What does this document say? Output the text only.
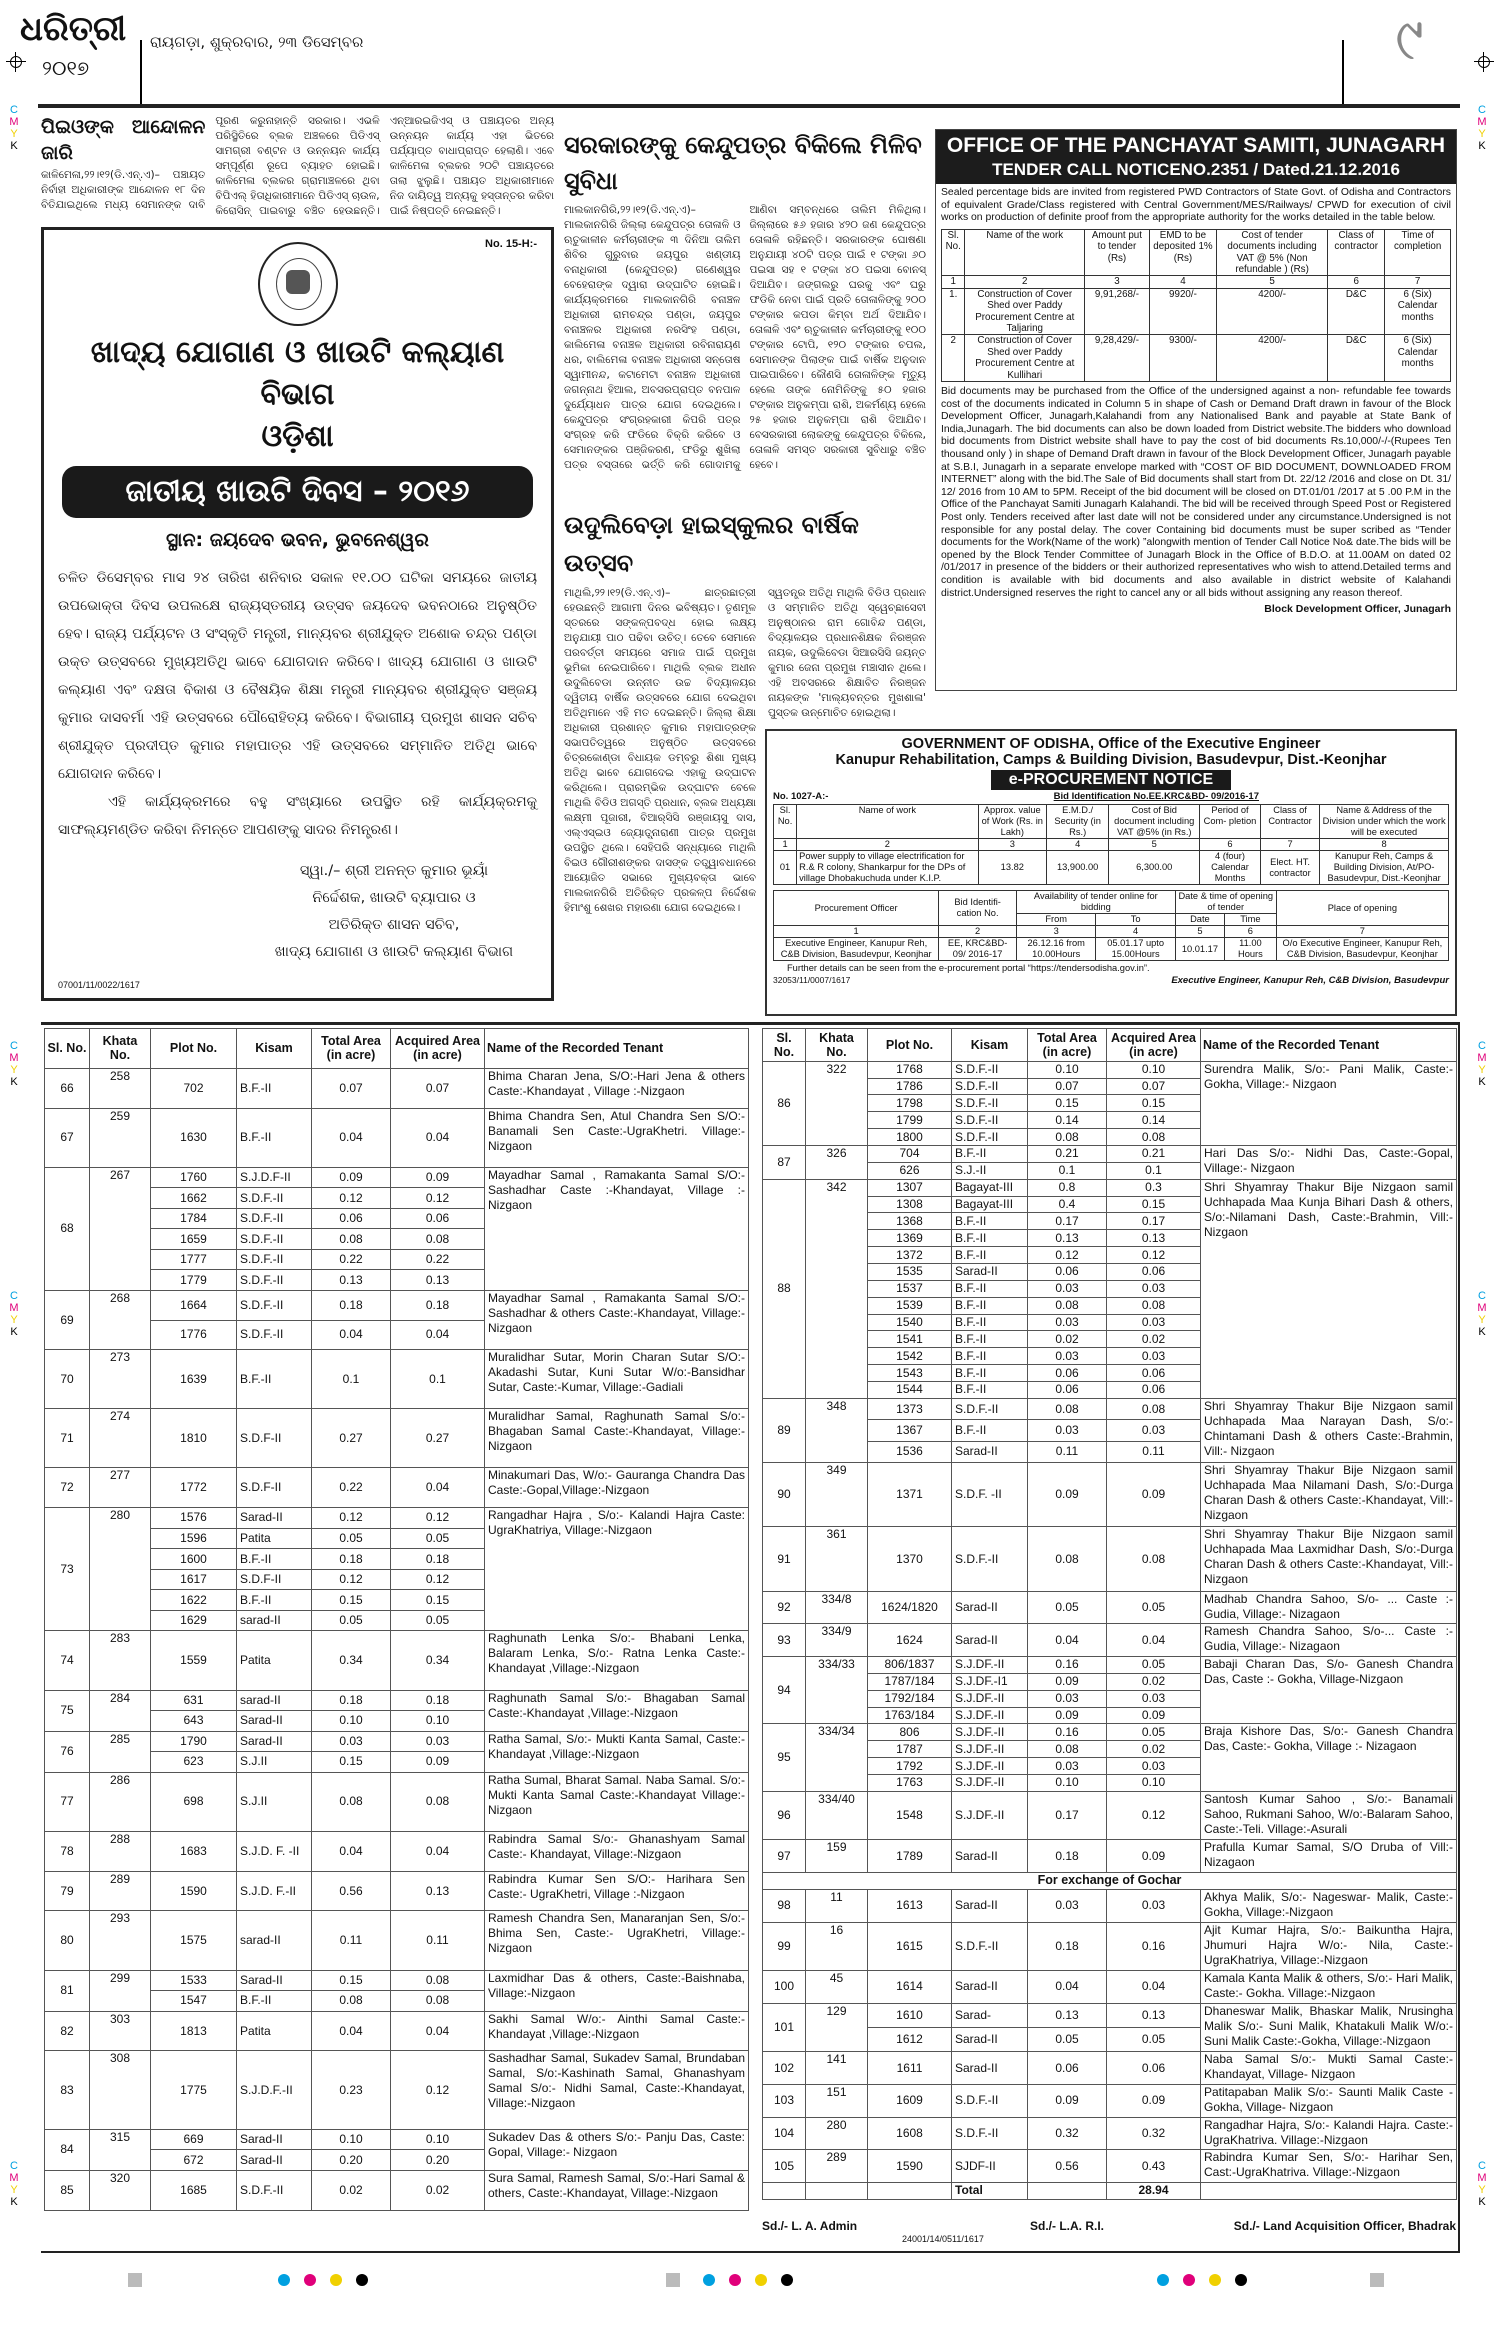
C
M
Y
K
C
M
Y
K
C
M
Y
K
C
M
Y
K
C
M
Y
K
C
M
Y
K
C
M
Y
K
C
M
Y
K
ଧରିତ୍ରୀ
୨୦୧୭
ରାୟଗଡ଼ା, ଶୁକ୍ରବାର, ୨୩ ଡିସେମ୍ବର	୯
ପିଇଓଙ୍କ ଆନ୍ଦୋଳନ ଜାରି
କାଳିମେଳା,୨୨।୧୨(ଡି.ଏନ୍.ଏ)– ପଞ୍ଚାୟତ ନିର୍ବାହୀ ଅଧିକାରୀଙ୍କ ଆନ୍ଦୋଳନ ୧୮ ଦିନ ବିତିଯାଇଥିଲେ ମଧ୍ୟ ସେମାନଙ୍କ ଦାବି ପୂରଣ କରୁନାହାନ୍ତି ସରକାର। ଏଭଳି ପରିସ୍ଥିତିରେ ବ୍ଲକ ଅଞ୍ଚଳରେ ପିଡିଏସ୍ ସାମଗ୍ରୀ ବଣ୍ଟନ ଓ ଉନ୍ନୟନ କାର୍ଯ୍ୟ ସମ୍ପୂର୍ଣ୍ଣ ରୂପେ ବ୍ୟାହତ ହୋଇଛି। କାଳିମେଳା ବ୍ଲକର ଗ୍ରାମାଞ୍ଚଳରେ ଥିବା ବିପିଏଲ୍ ହିତାଧିକାରୀମାନେ ପିଡିଏସ୍ ଚାଉଳ, କିରୋସିନ୍ ପାଇବାରୁ ବଞ୍ଚିତ ହେଉଛନ୍ତି। ଏନ୍ଆରଇଜିଏସ୍ ଓ ପଞ୍ଚାୟତର ଅନ୍ୟ ଉନ୍ନୟନ କାର୍ଯ୍ୟ ଏହା ଭିତରେ ପର୍ଯ୍ୟାପ୍ତ ବାଧାପ୍ରାପ୍ତ ହେଲାଣି। ଏବେ କାଳିମେଳା ବ୍ଲକର ୨୦ଟି ପଞ୍ଚାୟତରେ ତାଲା ଝୁଲୁଛି। ପଞ୍ଚାୟତ ଅଧିକାରୀମାନେ ନିଜ ଦାୟିତ୍ୱ ଅନ୍ୟକୁ ହସ୍ତାନ୍ତର କରିବା ପାଇଁ ନିଷ୍ପତ୍ତି ନେଇଛନ୍ତି।
No. 15-H:-
ଖାଦ୍ୟ ଯୋଗାଣ ଓ ଖାଉଟି କଲ୍ୟାଣ ବିଭାଗ
ଓଡ଼ିଶା
ଜାତୀୟ ଖାଉଟି ଦିବସ – ୨୦୧୬
ସ୍ଥାନ: ଜୟଦେବ ଭବନ, ଭୁବନେଶ୍ୱର

ଚଳିତ ଡିସେମ୍ବର ମାସ ୨୪ ତାରିଖ ଶନିବାର ସକାଳ ୧୧.୦୦ ଘଟିକା ସମୟରେ ଜାତୀୟ ଉପଭୋକ୍ତା ଦିବସ ଉପଲକ୍ଷେ ରାଜ୍ୟସ୍ତରୀୟ ଉତ୍ସବ ଜୟଦେବ ଭବନଠାରେ ଅନୁଷ୍ଠିତ ହେବ। ରାଜ୍ୟ ପର୍ଯ୍ୟଟନ ଓ ସଂସ୍କୃତି ମନ୍ତ୍ରୀ, ମାନ୍ୟବର ଶ୍ରୀଯୁକ୍ତ ଅଶୋକ ଚନ୍ଦ୍ର ପଣ୍ଡା ଉକ୍ତ ଉତ୍ସବରେ ମୁଖ୍ୟଅତିଥି ଭାବେ ଯୋଗଦାନ କରିବେ। ଖାଦ୍ୟ ଯୋଗାଣ ଓ ଖାଉଟି କଲ୍ୟାଣ ଏବଂ ଦକ୍ଷତା ବିକାଶ ଓ ବୈଷୟିକ ଶିକ୍ଷା ମନ୍ତ୍ରୀ ମାନ୍ୟବର ଶ୍ରୀଯୁକ୍ତ ସଞ୍ଜୟ କୁମାର ଦାସବର୍ମା ଏହି ଉତ୍ସବରେ ପୌରୋହିତ୍ୟ କରିବେ। ବିଭାଗୀୟ ପ୍ରମୁଖ ଶାସନ ସଚିବ ଶ୍ରୀଯୁକ୍ତ ପ୍ରଦୀପ୍ତ କୁମାର ମହାପାତ୍ର ଏହି ଉତ୍ସବରେ ସମ୍ମାନିତ ଅତିଥି ଭାବେ ଯୋଗଦାନ କରିବେ।

ଏହି କାର୍ଯ୍ୟକ୍ରମରେ ବହୁ ସଂଖ୍ୟାରେ ଉପସ୍ଥିତ ରହି କାର୍ଯ୍ୟକ୍ରମକୁ ସାଫଲ୍ୟମଣ୍ଡିତ କରିବା ନିମନ୍ତେ ଆପଣଙ୍କୁ ସାଦର ନିମନ୍ତ୍ରଣ।

ସ୍ୱା./– ଶ୍ରୀ ଅନନ୍ତ କୁମାର ଭୂୟାଁ
ନିର୍ଦ୍ଦେଶକ, ଖାଉଟି ବ୍ୟାପାର ଓ
ଅତିରିକ୍ତ ଶାସନ ସଚିବ,
ଖାଦ୍ୟ ଯୋଗାଣ ଓ ଖାଉଟି କଲ୍ୟାଣ ବିଭାଗ
07001/11/0022/1617
ସରକାରଙ୍କୁ କେନ୍ଦୁପତ୍ର ବିକିଲେ ମିଳିବ ସୁବିଧା
ମାଲକାନଗିରି,୨୨।୧୨(ଡି.ଏନ୍.ଏ)– ମାଲକାନଗିରି ଜିଲ୍ଲା କେନ୍ଦୁପତ୍ର ତୋଳାଳି ଓ ଋତୁକାଳୀନ କର୍ମଚାରୀଙ୍କ ୩ ଦିନିଆ ତାଲିମ ଶିବିର ଗୁରୁବାର ଜୟପୁର ଖଣ୍ଡୀୟ ବନାଧିକାରୀ (କେନ୍ଦୁପତ୍ର) ଗଣେଶ୍ୱର ବେହେରାଙ୍କ ଦ୍ୱାରା ଉଦ୍‌ଘାଟିତ ହୋଇଛି। କାର୍ଯ୍ୟକ୍ରମରେ ମାଲକାନଗିରି ବନାଞ୍ଚଳ ଅଧିକାରୀ ରାମଚନ୍ଦ୍ର ପଣ୍ଡା, ଜୟପୁର ବନାଞ୍ଚଳର ଅଧିକାରୀ ନରସିଂହ ପଣ୍ଡା, କାଲିମେଳା ବନାଞ୍ଚଳ ଅଧିକାରୀ ରବିନାରାୟଣ ଧର, ବାଲିମେଳା ବନାଞ୍ଚଳ ଅଧିକାରୀ ସନ୍ତୋଷ ସ୍ୱାମୀନନ୍ଦ, କଟାମେଟା ବନାଞ୍ଚଳ ଅଧିକାରୀ ଜଗନ୍ନାଥ ହିଆଲ, ଅବସରପ୍ରାପ୍ତ ବନପାଳ ଦୁର୍ଯ୍ୟୋଧନ ପାତ୍ର ଯୋଗ ଦେଇଥିଲେ। କେନ୍ଦୁପତ୍ର ସଂଗ୍ରହକାରୀ କିପରି ପତ୍ର ସଂଗ୍ରହ କରି ଫଡିରେ ବିକ୍ରି କରିବେ ଓ ସେମାନଙ୍କର ପଞ୍ଜିକରଣ, ଫଡିରୁ ଶୁଖିଲା ପତ୍ର ବସ୍ତାରେ ଭର୍ତ୍ତି କରି ଗୋଦାମକୁ ଆଣିବା ସମ୍ବନ୍ଧରେ ତାଲିମ ମିଳିଥିଲା। ଜିଲ୍ଲାରେ ୫୬ ହଜାର ୪୨୦ ଜଣ କେନ୍ଦୁପତ୍ର ତୋଳାଳି ରହିଛନ୍ତି। ସରକାରଙ୍କ ଘୋଷଣା ଅନୁଯାୟୀ ୪୦ଟି ପତ୍ର ପାଇଁ ୧ ଟଙ୍କା ୬୦ ପଇସା ସହ ୧ ଟଙ୍କା ୪୦ ପଇସା ବୋନସ୍ ଦିଆଯିବ। ଜଙ୍ଗଲରୁ ଘରକୁ ଏବଂ ଘରୁ ଫଡିକି ନେବା ପାଇଁ ପ୍ରତି ତୋଳାଳିଙ୍କୁ ୨୦୦ ଟଙ୍କାର କପଡା କିମ୍ବା ଅର୍ଥ ଦିଆଯିବ। ତୋଳାଳି ଏବଂ ଋତୁକାଳୀନ କର୍ମଚାରୀଙ୍କୁ ୧୦୦ ଟଙ୍କାର ଟୋପି, ୧୨୦ ଟଙ୍କାର ଚପଲ, ସେମାନଙ୍କ ପିଲାଙ୍କ ପାଇଁ ବାର୍ଷିକ ଅନୁଦାନ ପାଇପାରିବେ। କୌଣସି ତୋଳାଳିଙ୍କ ମୃତ୍ୟୁ ହେଲେ ତାଙ୍କ ନୋମିନିଙ୍କୁ ୫୦ ହଜାର ଟଙ୍କାର ଅନୁକମ୍ପା ରାଶି, ଅକର୍ମଣ୍ୟ ହେଲେ ୨୫ ହଜାର ଅନୁକମ୍ପା ରାଶି ଦିଆଯିବ। ବେସରକାରୀ ଲୋକଙ୍କୁ କେନ୍ଦୁପତ୍ର ବିକିଲେ, ତୋଳାଳି ସମସ୍ତ ସରକାରୀ ସୁବିଧାରୁ ବଞ୍ଚିତ ହେବେ।
ଉଦୁଲିବେଡ଼ା ହାଇସ୍କୁଲର ବାର୍ଷିକ ଉତ୍ସବ
ମାଥିଲି,୨୨।୧୨(ଡି.ଏନ୍.ଏ)– ଛାତ୍ରଛାତ୍ରୀ ହେଉଛନ୍ତି ଆଗାମୀ ଦିନର ଭବିଷ୍ୟତ। ତୃଣମୂଳ ସ୍ତରରେ ସଙ୍କଳ୍ପବଦ୍ଧ ହୋଇ ଲକ୍ଷ୍ୟ ଅନୁଯାୟୀ ପାଠ ପଢିବା ଉଚିତ୍। ତେବେ ସେମାନେ ପରବର୍ତ୍ତୀ ସମୟରେ ସମାଜ ପାଇଁ ପ୍ରମୁଖ ଭୂମିକା ନେଇପାରିବେ। ମାଥିଲି ବ୍ଲକ ଅଧୀନ ଉଦୁଲିବେଡା ଉନ୍ନୀତ ଉଚ୍ଚ ବିଦ୍ୟାଳୟର ଦ୍ୱିତୀୟ ବାର୍ଷିକ ଉତ୍ସବରେ ଯୋଗ ଦେଇଥିବା ଅତିଥିମାନେ ଏହି ମତ ଦେଇଛନ୍ତି। ଜିଲ୍ଲା ଶିକ୍ଷା ଅଧିକାରୀ ପ୍ରଶାନ୍ତ କୁମାର ମହାପାତ୍ରଙ୍କ ସଭାପତିତ୍ୱରେ ଅନୁଷ୍ଠିତ ଉତ୍ସବରେ ଚିତ୍ରକୋଣ୍ଡା ବିଧାୟକ ଡମ୍ବରୁ ଶିଶା ମୁଖ୍ୟ ଅତିଥି ଭାବେ ଯୋଗଦେଇ ଏହାକୁ ଉଦ୍‌ଘାଟନ କରିଥିଲେ। ପ୍ରାରମ୍ଭିକ ଉଦ୍‌ଘାଟନ ବେଳେ ମାଥିଲି ବିଡିଓ ଅଗସ୍ତି ପ୍ରଧାନ, ବ୍ଲକ ଅଧ୍ୟକ୍ଷା ଲକ୍ଷ୍ମୀ ପୂଜାରୀ, ବିଆର୍‌ସିସି ରଞ୍ଜାୟସୁ ଦାସ, ଏଲ୍ଏସ୍ଇଓ ଜ୍ୟୋତ୍ସ୍ନାରାଣୀ ପାତ୍ର ପ୍ରମୁଖ ଉପସ୍ଥିତ ଥିଲେ। ସେହିପରି ସନ୍ଧ୍ୟାରେ ମାଥିଲି ବିଇଓ ଗୌରୀଶଙ୍କର ଦାସଙ୍କ ତତ୍ତ୍ୱାବଧାନରେ ଆୟୋଜିତ ସଭାରେ ମୁଖ୍ୟବକ୍ତା ଭାବେ ମାଲକାନଗିରି ଅତିରିକ୍ତ ପ୍ରକଳ୍ପ ନିର୍ଦ୍ଦେଶକ ହିମାଂଶୁ ଶେଖର ମହାରଣା ଯୋଗ ଦେଇଥିଲେ।
ସ୍ୱତନ୍ତ୍ର ଅତିଥି ମାଥିଲି ବିଡିଓ ପ୍ରଧାନ ଓ ସମ୍ମାନିତ ଅତିଥି ସ୍ୱେଚ୍ଛାସେବୀ ଅନୁଷ୍ଠାନର ରାମ ଗୋବିନ୍ଦ ପଣ୍ଡା, ବିଦ୍ୟାଳୟର ପ୍ରଧାନଶିକ୍ଷକ ନିରଞ୍ଜନ ନାୟକ, ଉଦୁଲିବେଡା ସିଆରସିସି ଜୟନ୍ତ କୁମାର ଜେନା ପ୍ରମୁଖ ମଞ୍ଚାସୀନ ଥିଲେ। ଏହି ଅବସରରେ ଶିକ୍ଷାବିତ ନିରଞ୍ଜନ ନାୟକଙ୍କ 'ମାଲ୍ୟବନ୍ତର ମୁଖଶାଳା' ପୁସ୍ତକ ଉନ୍ମୋଚିତ ହୋଇଥିଲା।
OFFICE OF THE PANCHAYAT SAMITI, JUNAGARH
TENDER CALL NOTICENO.2351 / Dated.21.12.2016
Sealed percentage bids are invited from registered PWD Contractors of State Govt. of Odisha and Contractors of equivalent Grade/Class registered with Central Government/MES/Railways/ CPWD for execution of civil works on production of definite proof from the appropriate authority for the works detailed in the table below.
Sl. No.	Name of the work	Amount put to tender (Rs)	EMD to be deposited 1% (Rs)	Cost of tender documents including VAT @ 5% (Non refundable ) (Rs)	Class of contractor	Time of completion
1	2	3	4	5	6	7
1.	Construction of Cover Shed over Paddy Procurement Centre at Taljaring	9,91,268/-	9920/-	4200/-	D&C	6 (Six) Calendar months
2	Construction of Cover Shed over Paddy Procurement Centre at Kullihari	9,28,429/-	9300/-	4200/-	D&C	6 (Six) Calendar months
Bid documents may be purchased from the Office of the undersigned against a non- refundable fee towards cost of the documents indicated in Column 5 in shape of Cash or Demand Draft drawn in favour of the Block Development Officer, Junagarh,Kalahandi from any Nationalised Bank and payable at State Bank of India,Junagarh. The bid documents can also be down loaded from District website.The bidders who download bid documents from District website shall have to pay the cost of bid documents Rs.10,000/-/-(Rupees Ten thousand only ) in shape of Demand Draft drawn in favour of the Block Development Officer, Junagarh payable at S.B.I, Junagarh in a separate envelope marked with “COST OF BID DOCUMENT, DOWNLOADED FROM INTERNET” along with the bid.The Sale of Bid documents shall start from Dt. 22/12 /2016 and close on Dt. 31/ 12/ 2016 from 10 AM to 5PM. Receipt of the bid document will be closed on DT.01/01 /2017 at 5 .00 P.M in the Office of the Panchayat Samiti Junagarh Kalahandi. The bid will be received through Speed Post or Registered Post only. Tenders received after last date will not be considered under any circumstance.Undersigned is not responsible for any postal delay. The cover Containing bid documents must be super scribed as “Tender documents for the Work(Name of the work) ”alongwith mention of Tender Call Notice No& date.The bids will be opened by the Block Tender Committee of Junagarh Block in the Office of B.D.O. at 11.00AM on dated 02 /01/2017 in presence of the bidders or their authorized representatives who wish to attend.Detailed terms and condition is available with bid documents and also available in district website of Kalahandi district.Undersigned reserves the right to cancel any or all bids without assigning any reason thereof.
Block Development Officer, Junagarh
GOVERNMENT OF ODISHA, Office of the Executive Engineer
Kanupur Rehabilitation, Camps & Building Division, Basudevpur, Dist.-Keonjhar
e-PROCUREMENT NOTICE
No. 1027-A:-	Bid Identification No.EE.KRC&BD- 09/2016-17
Sl. No.	Name of work	Approx. value of Work (Rs. in Lakh)	E.M.D./ Security (in Rs.)	Cost of Bid document including VAT @5% (in Rs.)	Period of Com- pletion	Class of Contractor	Name & Address of the Division under which the work will be executed
1	2	3	4	5	6	7	8
01	Power supply to village electrification for R.& R colony, Shankarpur for the DPs of village Dhobakuchuda under K.I.P.	13.82	13,900.00	6,300.00	4 (four) Calendar Months	Elect. HT. contractor	Kanupur Reh, Camps & Building Division, At/PO-Basudevpur, Dist.-Keonjhar
Procurement Officer	Bid Identifi- cation No.	Availability of tender online for bidding		Date & time of opening of tender		Place of opening
		From	To	Date	Time	
1	2	3	4	5	6	7
Executive Engineer, Kanupur Reh, C&B Division, Basudevpur, Keonjhar	EE, KRC&BD- 09/ 2016-17	26.12.16 from 10.00Hours	05.01.17 upto 15.00Hours	10.01.17	11.00 Hours	O/o Executive Engineer, Kanupur Reh, C&B Division, Basudevpur, Keonjhar
Further details can be seen from the e-procurement portal “https://tendersodisha.gov.in”.
32053/11/0007/1617	Executive Engineer, Kanupur Reh, C&B Division, Basudevpur
Sl. No.	Khata No.	Plot No.	Kisam	Total Area (in acre)	Acquired Area (in acre)	Name of the Recorded Tenant
66	258	702	B.F.-II	0.07	0.07	Bhima Charan Jena, S/O:-Hari Jena & others Caste:-Khandayat , Village :-Nizgaon
67	259	1630	B.F.-II	0.04	0.04	Bhima Chandra Sen, Atul Chandra Sen S/O:-Banamali Sen Caste:-UgraKhetri. Village:-Nizgaon
68	267	1760	S.J.D.F-II	0.09	0.09	Mayadhar Samal , Ramakanta Samal S/O:- Sashadhar Caste :-Khandayat, Village :-Nizgaon
		1662	S.D.F.-II	0.12	0.12	
		1784	S.D.F.-II	0.06	0.06	
		1659	S.D.F.-II	0.08	0.08	
		1777	S.D.F.-II	0.22	0.22	
		1779	S.D.F.-II	0.13	0.13	
69	268	1664	S.D.F.-II	0.18	0.18	Mayadhar Samal , Ramakanta Samal S/O:-Sashadhar & others Caste:-Khandayat, Village:-Nizgaon
		1776	S.D.F.-II	0.04	0.04	
70	273	1639	B.F.-II	0.1	0.1	Muralidhar Sutar, Morin Charan Sutar S/O:-Akadashi Sutar, Kuni Sutar W/o:-Bansidhar Sutar, Caste:-Kumar, Village:-Gadiali
71	274	1810	S.D.F-II	0.27	0.27	Muralidhar Samal, Raghunath Samal S/o:-Bhagaban Samal Caste:-Khandayat, Village:-Nizgaon
72	277	1772	S.D.F-II	0.22	0.04	Minakumari Das, W/o:- Gauranga Chandra Das Caste:-Gopal,Village:-Nizgaon
73	280	1576	Sarad-II	0.12	0.12	Rangadhar Hajra , S/o:- Kalandi Hajra Caste: UgraKhatriya, Village:-Nizgaon
		1596	Patita	0.05	0.05	
		1600	B.F.-II	0.18	0.18	
		1617	S.D.F-II	0.12	0.12	
		1622	B.F.-II	0.15	0.15	
		1629	sarad-II	0.05	0.05	
74	283	1559	Patita	0.34	0.34	Raghunath Lenka S/o:- Bhabani Lenka, Balaram Lenka, S/o:- Ratna Lenka Caste:-Khandayat ,Village:-Nizgaon
75	284	631	sarad-II	0.18	0.18	Raghunath Samal S/o:- Bhagaban Samal Caste:-Khandayat ,Village:-Nizgaon
		643	Sarad-II	0.10	0.10	
76	285	1790	Sarad-II	0.03	0.03	Ratha Samal, S/o:- Mukti Kanta Samal, Caste:- Khandayat ,Village:-Nizgaon
		623	S.J.II	0.15	0.09	
77	286	698	S.J.II	0.08	0.08	Ratha Sumal, Bharat Samal. Naba Samal. S/o:- Mukti Kanta Samal Caste:-Khandayat Village:-Nizgaon
78	288	1683	S.J.D. F. -II	0.04	0.04	Rabindra Samal S/o:- Ghanashyam Samal Caste:- Khandayat, Village:-Nizgaon
79	289	1590	S.J.D. F.-II	0.56	0.13	Rabindra Kumar Sen S/O:- Harihara Sen Caste:- UgraKhetri, Village :-Nizgaon
80	293	1575	sarad-II	0.11	0.11	Ramesh Chandra Sen, Manaranjan Sen, S/o:-Bhima Sen, Caste:- UgraKhetri, Village:-Nizgaon
81	299	1533	Sarad-II	0.15	0.08	Laxmidhar Das & others, Caste:-Baishnaba, Village:-Nizgaon
		1547	B.F.-II	0.08	0.08	
82	303	1813	Patita	0.04	0.04	Sakhi Samal W/o:- Ainthi Samal Caste:-Khandayat ,Village:-Nizgaon
83	308	1775	S.J.D.F.-II	0.23	0.12	Sashadhar Samal, Sukadev Samal, Brundaban Samal, S/o:-Kashinath Samal, Ghanashyam Samal S/o:- Nidhi Samal, Caste:-Khandayat, Village:-Nizgaon
84	315	669	Sarad-II	0.10	0.10	Sukadev Das & others S/o:- Panju Das, Caste: Gopal, Village:- Nizgaon
		672	Sarad-II	0.20	0.20	
85	320	1685	S.D.F.-II	0.02	0.02	Sura Samal, Ramesh Samal, S/o:-Hari Samal & others, Caste:-Khandayat, Village:-Nizgaon
Sl. No.	Khata No.	Plot No.	Kisam	Total Area (in acre)	Acquired Area (in acre)	Name of the Recorded Tenant
86	322	1768	S.D.F.-II	0.10	0.10	Surendra Malik, S/o:- Pani Malik, Caste:-Gokha, Village:- Nizgaon
		1786	S.D.F.-II	0.07	0.07	
		1798	S.D.F.-II	0.15	0.15	
		1799	S.D.F.-II	0.14	0.14	
		1800	S.D.F.-II	0.08	0.08	
87	326	704	B.F.-II	0.21	0.21	Hari Das S/o:- Nidhi Das, Caste:-Gopal, Village:- Nizgaon
		626	S.J.-II	0.1	0.1	
88	342	1307	Bagayat-III	0.8	0.3	Shri Shyamray Thakur Bije Nizgaon samil Uchhapada Maa Kunja Bihari Dash & others, S/o:-Nilamani Dash, Caste:-Brahmin, Vill:-Nizgaon
		1308	Bagayat-III	0.4	0.15	
		1368	B.F.-II	0.17	0.17	
		1369	B.F.-II	0.13	0.13	
		1372	B.F.-II	0.12	0.12	
		1535	Sarad-II	0.06	0.06	
		1537	B.F.-II	0.03	0.03	
		1539	B.F.-II	0.08	0.08	
		1540	B.F.-II	0.03	0.03	
		1541	B.F.-II	0.02	0.02	
		1542	B.F.-II	0.03	0.03	
		1543	B.F.-II	0.06	0.06	
		1544	B.F.-II	0.06	0.06	
89	348	1373	S.D.F.-II	0.08	0.08	Shri Shyamray Thakur Bije Nizgaon samil Uchhapada Maa Narayan Dash, S/o:-Chintamani Dash & others Caste:-Brahmin, Vill:- Nizgaon
		1367	B.F.-II	0.03	0.03	
		1536	Sarad-II	0.11	0.11	
90	349	1371	S.D.F. -II	0.09	0.09	Shri Shyamray Thakur Bije Nizgaon samil Uchhapada Maa Nilamani Dash, S/o:-Durga Charan Dash & others Caste:-Khandayat, Vill:- Nizgaon
91	361	1370	S.D.F.-II	0.08	0.08	Shri Shyamray Thakur Bije Nizgaon samil Uchhapada Maa Laxmidhar Dash, S/o:-Durga Charan Dash & others Caste:-Khandayat, Vill:- Nizgaon
92	334/8	1624/1820	Sarad-II	0.05	0.05	Madhab Chandra Sahoo, S/o- ... Caste :-Gudia, Village:- Nizagaon
93	334/9	1624	Sarad-II	0.04	0.04	Ramesh Chandra Sahoo, S/o-... Caste :-Gudia, Village:- Nizagaon
94	334/33	806/1837	S.J.DF.-II	0.16	0.05	Babaji Charan Das, S/o- Ganesh Chandra Das, Caste :- Gokha, Village-Nizgaon
		1787/184	S.J.DF.-I1	0.09	0.02	
		1792/184	S.J.DF.-II	0.03	0.03	
		1763/184	S.J.DF.-II	0.09	0.09	
95	334/34	806	S.J.DF.-II	0.16	0.05	Braja Kishore Das, S/o:- Ganesh Chandra Das, Caste:- Gokha, Village :- Nizagaon
		1787	S.J.DF.-II	0.08	0.02	
		1792	S.J.DF.-II	0.03	0.03	
		1763	S.J.DF.-II	0.10	0.10	
96	334/40	1548	S.J.DF.-II	0.17	0.12	Santosh Kumar Sahoo , S/o:- Banamali Sahoo, Rukmani Sahoo, W/o:-Balaram Sahoo, Caste:-Teli. Village:-Asurali
97	159	1789	Sarad-II	0.18	0.09	Prafulla Kumar Samal, S/O Druba of Vill:-Nizagaon
For exchange of Gochar						
98	11	1613	Sarad-II	0.03	0.03	Akhya Malik, S/o:- Nageswar- Malik, Caste:- Gokha, Village:-Nizgaon
99	16	1615	S.D.F.-II	0.18	0.16	Ajit Kumar Hajra, S/o:- Baikuntha Hajra, Jhumuri Hajra W/o:- Nila, Caste:-UgraKhatriya, Village:-Nizgaon
100	45	1614	Sarad-II	0.04	0.04	Kamala Kanta Malik & others, S/o:- Hari Malik, Caste:- Gokha. Village:-Nizgaon
101	129	1610	Sarad-	0.13	0.13	Dhaneswar Malik, Bhaskar Malik, Nrusingha Malik S/o:- Suni Malik, Khatakuli Malik W/o:- Suni Malik Caste:-Gokha, Village:-Nizgaon
		1612	Sarad-II	0.05	0.05	
102	141	1611	Sarad-II	0.06	0.06	Naba Samal S/o:- Mukti Samal Caste:-Khandayat, Village- Nizgaon
103	151	1609	S.D.F.-II	0.09	0.09	Patitapaban Malik S/o:- Saunti Malik Caste - Gokha, Village- Nizgaon
104	280	1608	S.D.F.-II	0.32	0.32	Rangadhar Hajra, S/o:- Kalandi Hajra. Caste:- UgraKhatriva. Village:-Nizgaon
105	289	1590	SJDF-II	0.56	0.43	Rabindra Kumar Sen, S/o:- Harihar Sen, Cast:-UgraKhatriva. Village:-Nizgaon
			Total		28.94	
Sd./- L. A. Admin
24001/14/0511/1617
Sd./- L.A. R.I.	Sd./- Land Acquisition Officer, Bhadrak
